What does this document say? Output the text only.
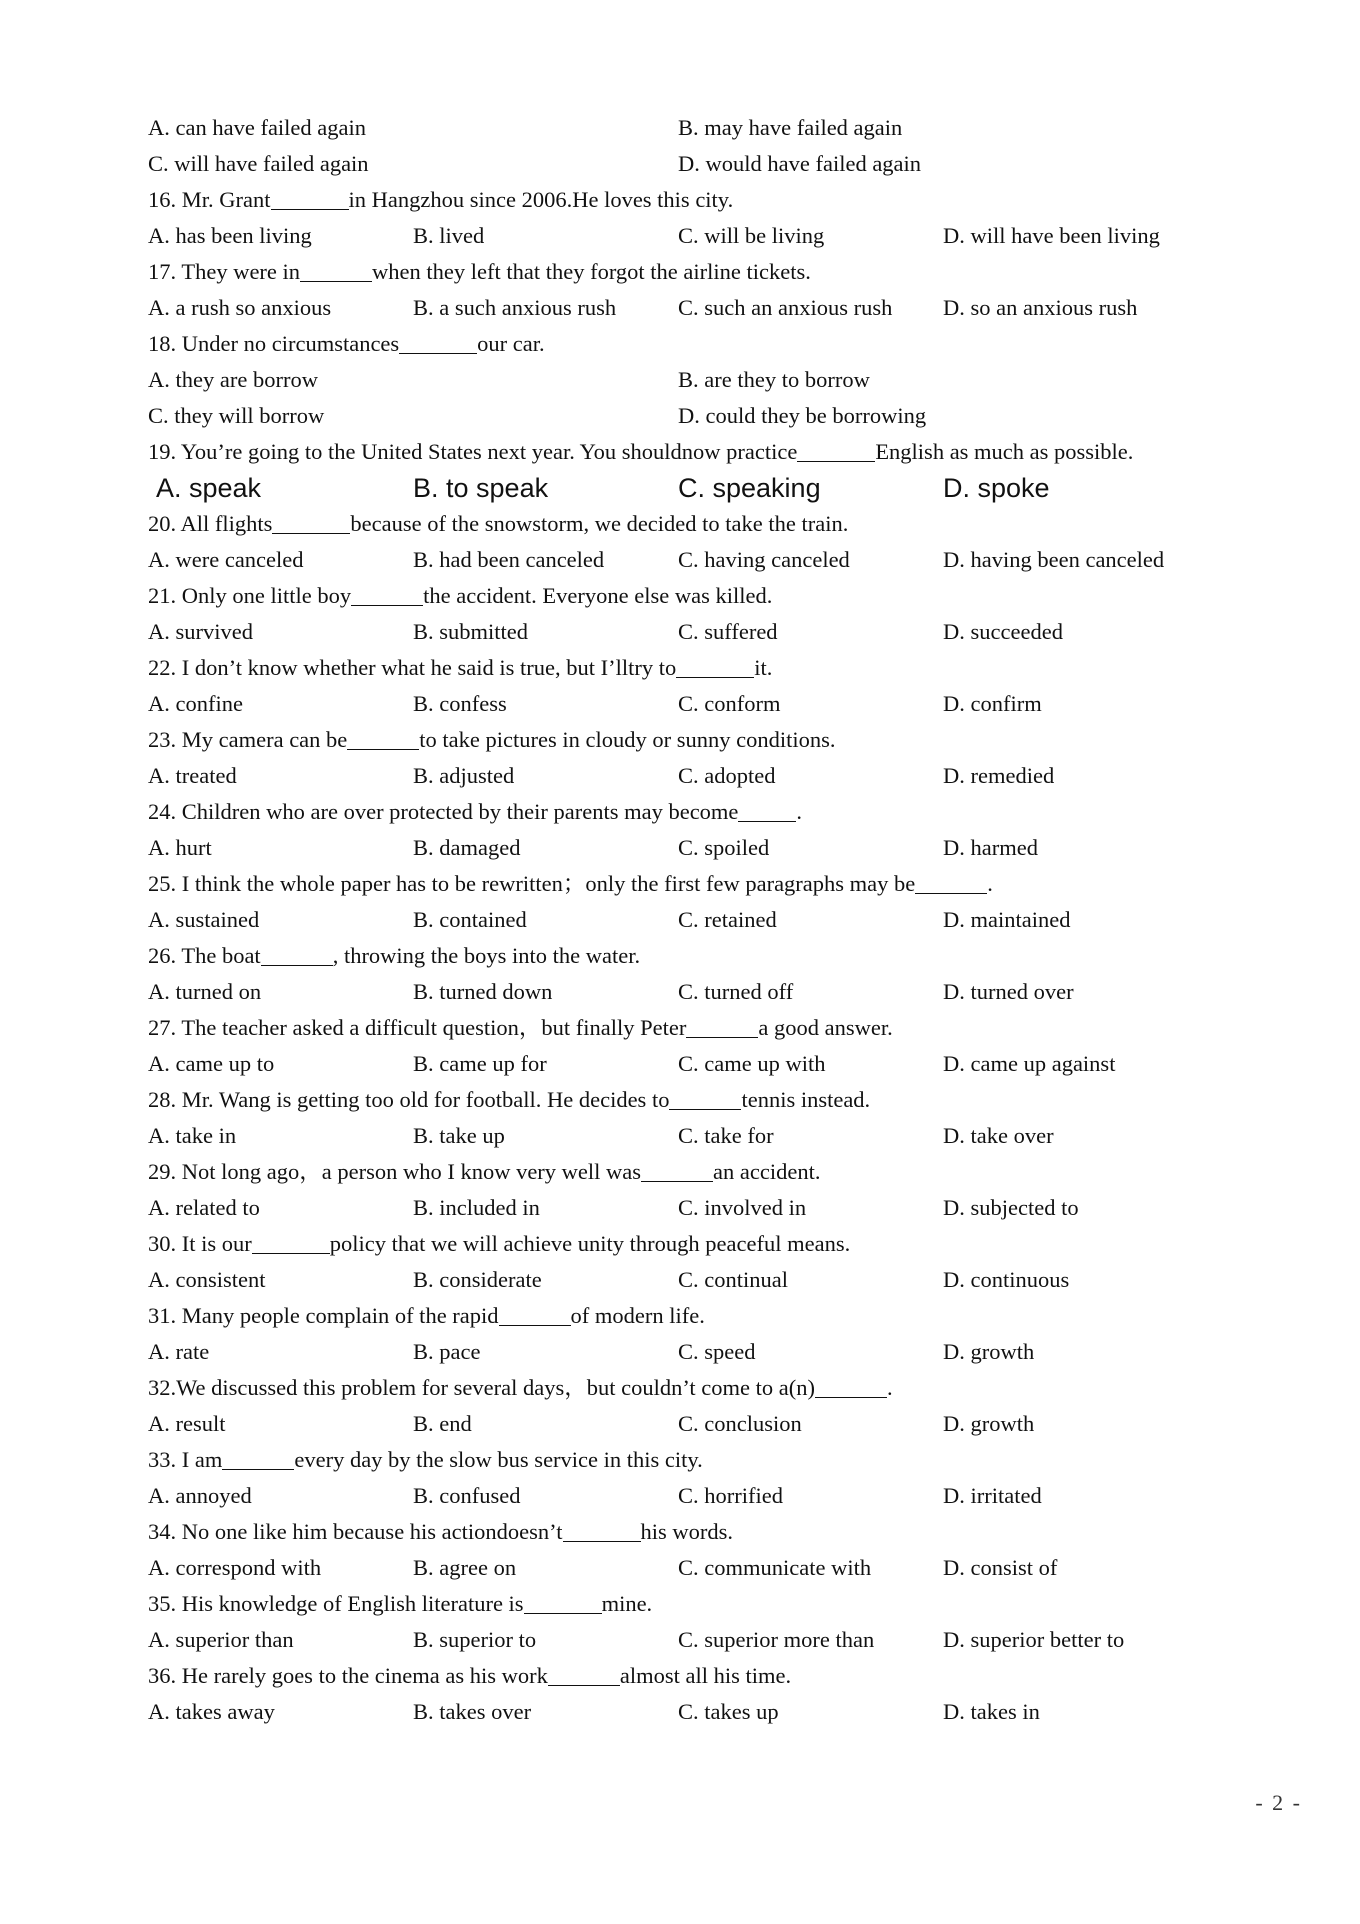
A. can have failed again	B. may have failed again
C. will have failed again	D. would have failed again
16. Mr. Grant	in Hangzhou since 2006.He loves this city.
A. has been living	B. lived	C. will be living	D. will have been living
17. They were in	when they left that they forgot the airline tickets.
A. a rush so anxious	B. a such anxious rush	C. such an anxious rush D. so an anxious rush
18. Under no circumstances	our car.
A. they are borrow	B. are they to borrow
C. they will borrow	D. could they be borrowing
19. You’re going to the United States next year. You shouldnow practice	English as much as possible.
A. speak	B. to speak	C. speaking	D. spoke
20. All flights	because of the snowstorm, we decided to take the train.
A. were canceled	B. had been canceled	C. having canceled	D. having been canceled
21. Only one little boy	the accident. Everyone else was killed.
A. survived	B. submitted	C. suffered	D. succeeded
22. I don’t know whether what he said is true, but I’lltry to	it.
A. confine	B. confess	C. conform	D. confirm
23. My camera can be	to take pictures in cloudy or sunny conditions.
A. treated	B. adjusted	C. adopted	D. remedied
24. Children who are over protected by their parents may become	.
A. hurt	B. damaged	C. spoiled	D. harmed
25. I think the whole paper has to be rewritten；only the first few paragraphs may be	.
A. sustained	B. contained	C. retained	D. maintained
26. The boat	, throwing the boys into the water.
A. turned on	B. turned down	C. turned off	D. turned over
27. The teacher asked a difficult question，but finally Peter	a good answer.
A. came up to	B. came up for	C. came up with	D. came up against
28. Mr. Wang is getting too old for football. He decides to	tennis instead.
A. take in	B. take up	C. take for	D. take over
29. Not long ago，a person who I know very well was	an accident.
A. related to	B. included in	C. involved in	D. subjected to
30. It is our	policy that we will achieve unity through peaceful means.
A. consistent	B. considerate	C. continual	D. continuous
31. Many people complain of the rapid	of modern life.
A. rate	B. pace	C. speed	D. growth
32.We discussed this problem for several days，but couldn’t come to a(n)	.
A. result	B. end	C. conclusion	D. growth
33. I am	every day by the slow bus service in this city.
A. annoyed	B. confused	C. horrified	D. irritated
34. No one like him because his actiondoesn’t	his words.
A. correspond with	B. agree on	C. communicate with	D. consist of
35. His knowledge of English literature is	mine.
A. superior than	B. superior to	C. superior more than	D. superior better to
36. He rarely goes to the cinema as his work	almost all his time.
A. takes away	B. takes over	C. takes up	D. takes in
- 2 -
